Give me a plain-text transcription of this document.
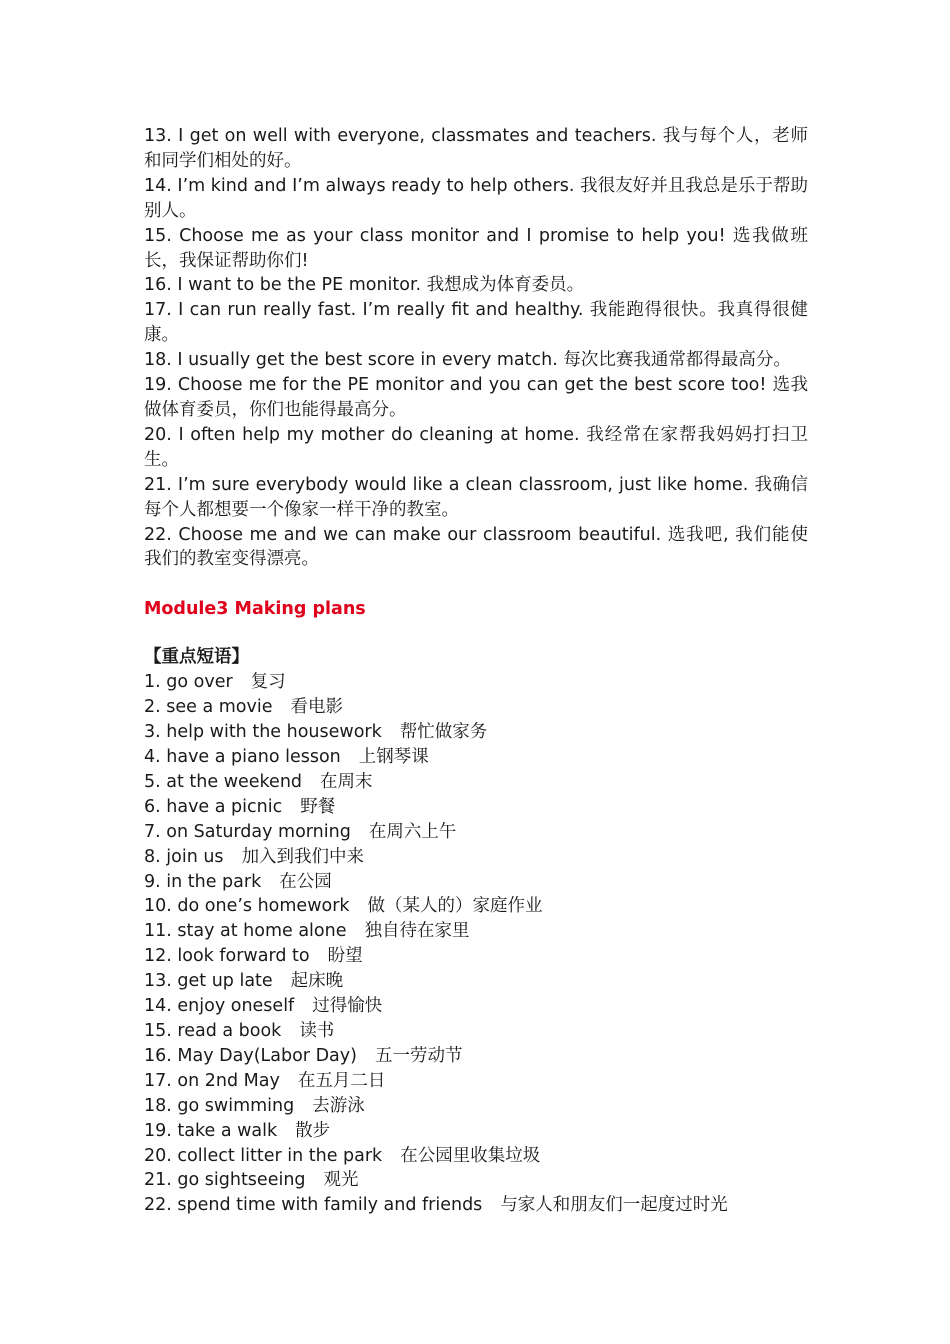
13. I get on well with everyone, classmates and teachers. 我与每个人，老师和同学们相处的好。

14. I’m kind and I’m always ready to help others. 我很友好并且我总是乐于帮助别人。

15. Choose me as your class monitor and I promise to help you! 选我做班长，我保证帮助你们!

16. I want to be the PE monitor. 我想成为体育委员。

17. I can run really fast. I’m really fit and healthy. 我能跑得很快。我真得很健康。

18. I usually get the best score in every match. 每次比赛我通常都得最高分。

19. Choose me for the PE monitor and you can get the best score too! 选我做体育委员，你们也能得最高分。

20. I often help my mother do cleaning at home. 我经常在家帮我妈妈打扫卫生。

21. I’m sure everybody would like a clean classroom, just like home. 我确信每个人都想要一个像家一样干净的教室。

22. Choose me and we can make our classroom beautiful. 选我吧, 我们能使我们的教室变得漂亮。

Module3 Making plans
【重点短语】
1. go over 复习
2. see a movie 看电影
3. help with the housework 帮忙做家务
4. have a piano lesson 上钢琴课
5. at the weekend 在周末
6. have a picnic 野餐
7. on Saturday morning 在周六上午
8. join us 加入到我们中来
9. in the park 在公园
10. do one’s homework 做（某人的）家庭作业
11. stay at home alone 独自待在家里
12. look forward to 盼望
13. get up late 起床晚
14. enjoy oneself 过得愉快
15. read a book 读书
16. May Day(Labor Day) 五一劳动节
17. on 2nd May 在五月二日
18. go swimming 去游泳
19. take a walk 散步
20. collect litter in the park 在公园里收集垃圾
21. go sightseeing 观光
22. spend time with family and friends 与家人和朋友们一起度过时光
